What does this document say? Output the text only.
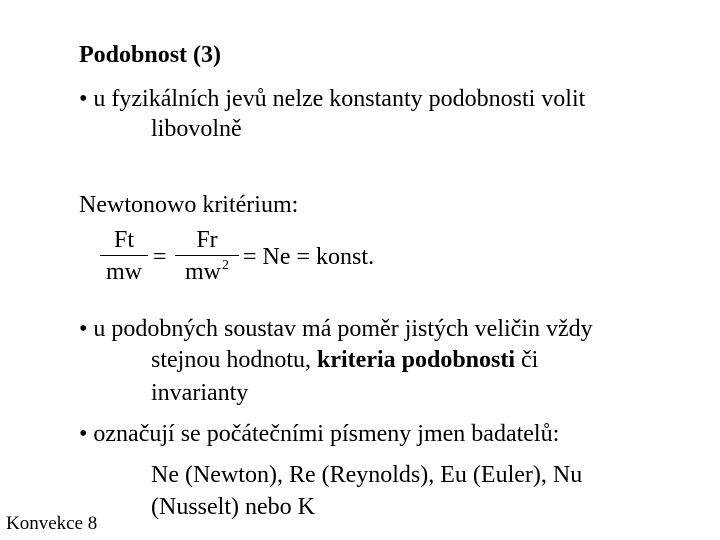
Podobnost (3)
• u fyzikálních jevů nelze konstanty podobnosti volit
libovolně
Newtonowo kritérium:
Ft
mw
=
Fr
$mw^2 = Ne$ = konst.
• u podobných soustav má poměr jistých veličin vždy
stejnou hodnotu, kriteria podobnosti či
invarianty
• označují se počátečními písmeny jmen badatelů:
Ne (Newton), Re (Reynolds), Eu (Euler), Nu
(Nusselt) nebo K
Konvekce 8
